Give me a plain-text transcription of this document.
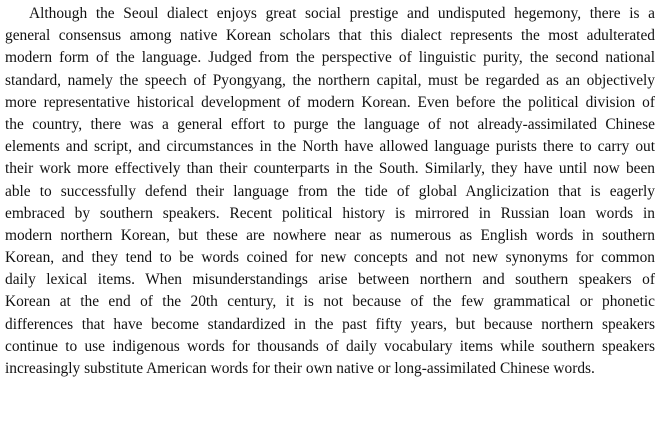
Although the Seoul dialect enjoys great social prestige and undisputed hegemony, there is a
general consensus among native Korean scholars that this dialect represents the most adulterated
modern form of the language. Judged from the perspective of linguistic purity, the second national
standard, namely the speech of Pyongyang, the northern capital, must be regarded as an objectively
more representative historical development of modern Korean. Even before the political division of
the country, there was a general effort to purge the language of not already-assimilated Chinese
elements and script, and circumstances in the North have allowed language purists there to carry out
their work more effectively than their counterparts in the South. Similarly, they have until now been
able to successfully defend their language from the tide of global Anglicization that is eagerly
embraced by southern speakers. Recent political history is mirrored in Russian loan words in
modern northern Korean, but these are nowhere near as numerous as English words in southern
Korean, and they tend to be words coined for new concepts and not new synonyms for common
daily lexical items. When misunderstandings arise between northern and southern speakers of
Korean at the end of the 20th century, it is not because of the few grammatical or phonetic
differences that have become standardized in the past fifty years, but because northern speakers
continue to use indigenous words for thousands of daily vocabulary items while southern speakers
increasingly substitute American words for their own native or long-assimilated Chinese words.
